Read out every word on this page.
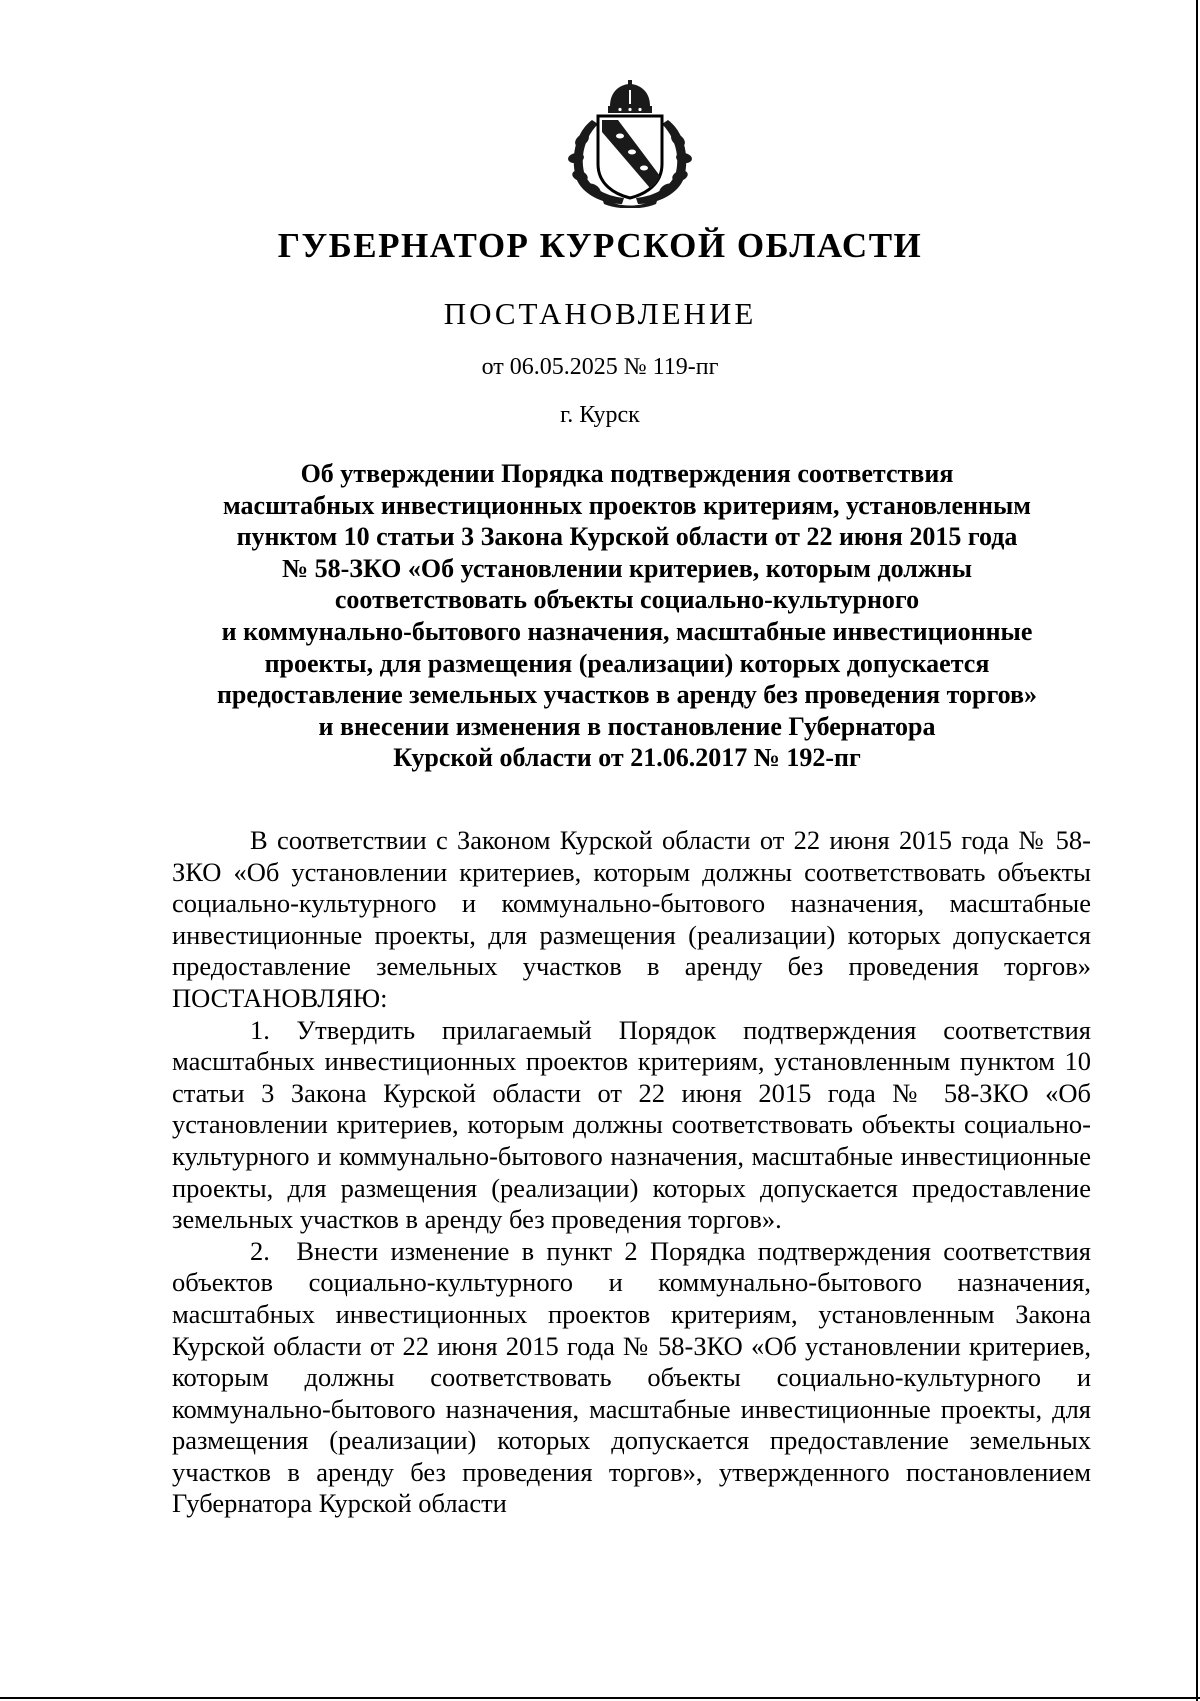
ГУБЕРНАТОР КУРСКОЙ ОБЛАСТИ
ПОСТАНОВЛЕНИЕ
от 06.05.2025 № 119-пг
г. Курск
Об утверждении Порядка подтверждения соответствия
масштабных инвестиционных проектов критериям, установленным
пунктом 10 статьи 3 Закона Курской области от 22 июня 2015 года
№ 58-ЗКО «Об установлении критериев, которым должны
соответствовать объекты социально-культурного
и коммунально-бытового назначения, масштабные инвестиционные
проекты, для размещения (реализации) которых допускается
предоставление земельных участков в аренду без проведения торгов»
и внесении изменения в постановление Губернатора
Курской области от 21.06.2017 № 192-пг

В соответствии с Законом Курской области от 22 июня 2015 года № 58-ЗКО «Об установлении критериев, которым должны соответствовать объекты социально-культурного и коммунально-бытового назначения, масштабные инвестиционные проекты, для размещения (реализации) которых допускается предоставление земельных участков в аренду без проведения торгов» ПОСТАНОВЛЯЮ:

1. Утвердить прилагаемый Порядок подтверждения соответствия масштабных инвестиционных проектов критериям, установленным пунктом 10 статьи 3 Закона Курской области от 22 июня 2015 года № 58-ЗКО «Об установлении критериев, которым должны соответствовать объекты социально-культурного и коммунально-бытового назначения, масштабные инвестиционные проекты, для размещения (реализации) которых допускается предоставление земельных участков в аренду без проведения торгов».

2. Внести изменение в пункт 2 Порядка подтверждения соответствия объектов социально-культурного и коммунально-бытового назначения, масштабных инвестиционных проектов критериям, установленным Закона Курской области от 22 июня 2015 года № 58-ЗКО «Об установлении критериев, которым должны соответствовать объекты социально-культурного и коммунально-бытового назначения, масштабные инвестиционные проекты, для размещения (реализации) которых допускается предоставление земельных участков в аренду без проведения торгов», утвержденного постановлением Губернатора Курской области
